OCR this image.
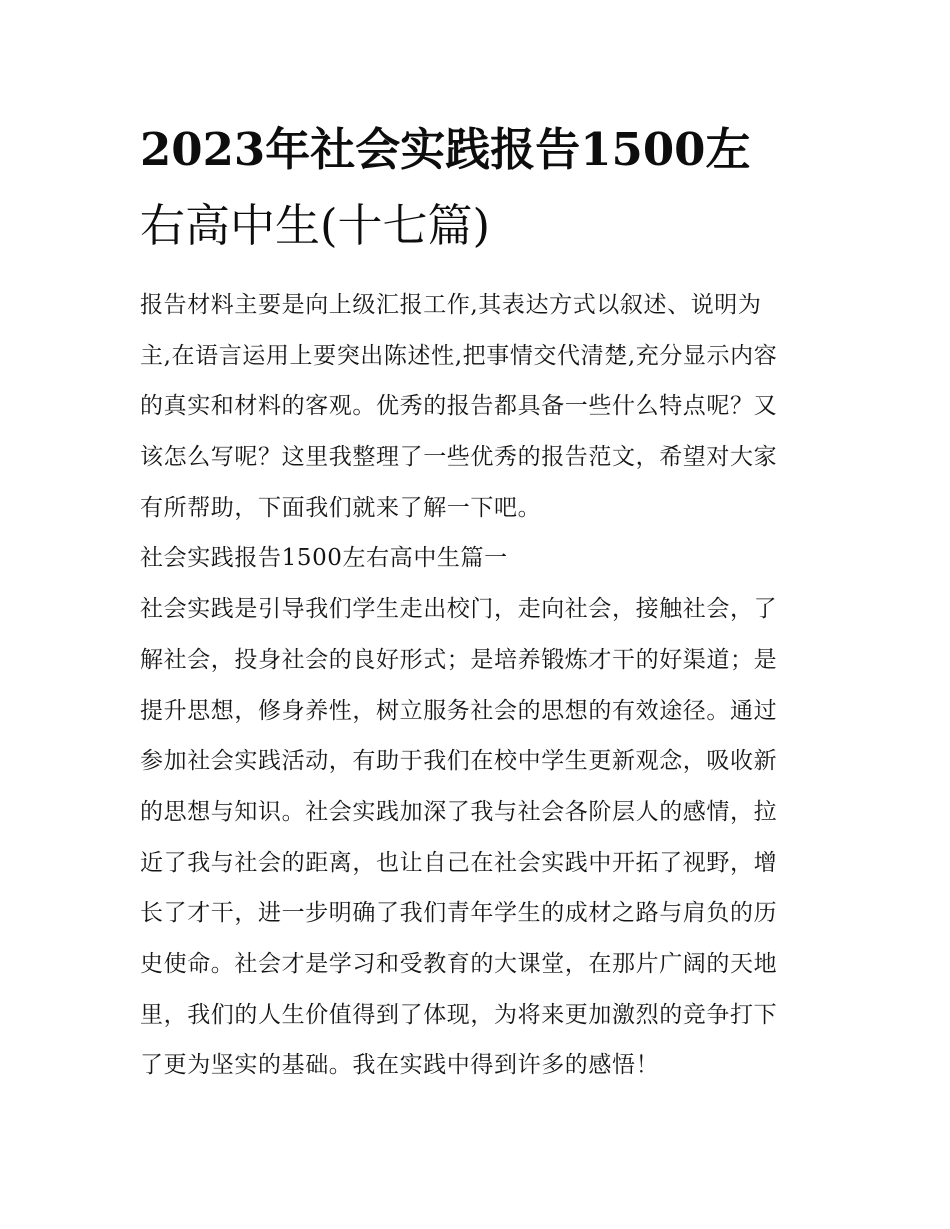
2023年社会实践报告1500左
右高中生(十七篇)
报告材料主要是向上级汇报工作,其表达方式以叙述、说明为
主,在语言运用上要突出陈述性,把事情交代清楚,充分显示内容
的真实和材料的客观。优秀的报告都具备一些什么特点呢？又
该怎么写呢？这里我整理了一些优秀的报告范文，希望对大家
有所帮助，下面我们就来了解一下吧。
社会实践报告1500左右高中生篇一
社会实践是引导我们学生走出校门，走向社会，接触社会，了
解社会，投身社会的良好形式；是培养锻炼才干的好渠道；是
提升思想，修身养性，树立服务社会的思想的有效途径。通过
参加社会实践活动，有助于我们在校中学生更新观念，吸收新
的思想与知识。社会实践加深了我与社会各阶层人的感情，拉
近了我与社会的距离，也让自己在社会实践中开拓了视野，增
长了才干，进一步明确了我们青年学生的成材之路与肩负的历
史使命。社会才是学习和受教育的大课堂，在那片广阔的天地
里，我们的人生价值得到了体现，为将来更加激烈的竞争打下
了更为坚实的基础。我在实践中得到许多的感悟！
